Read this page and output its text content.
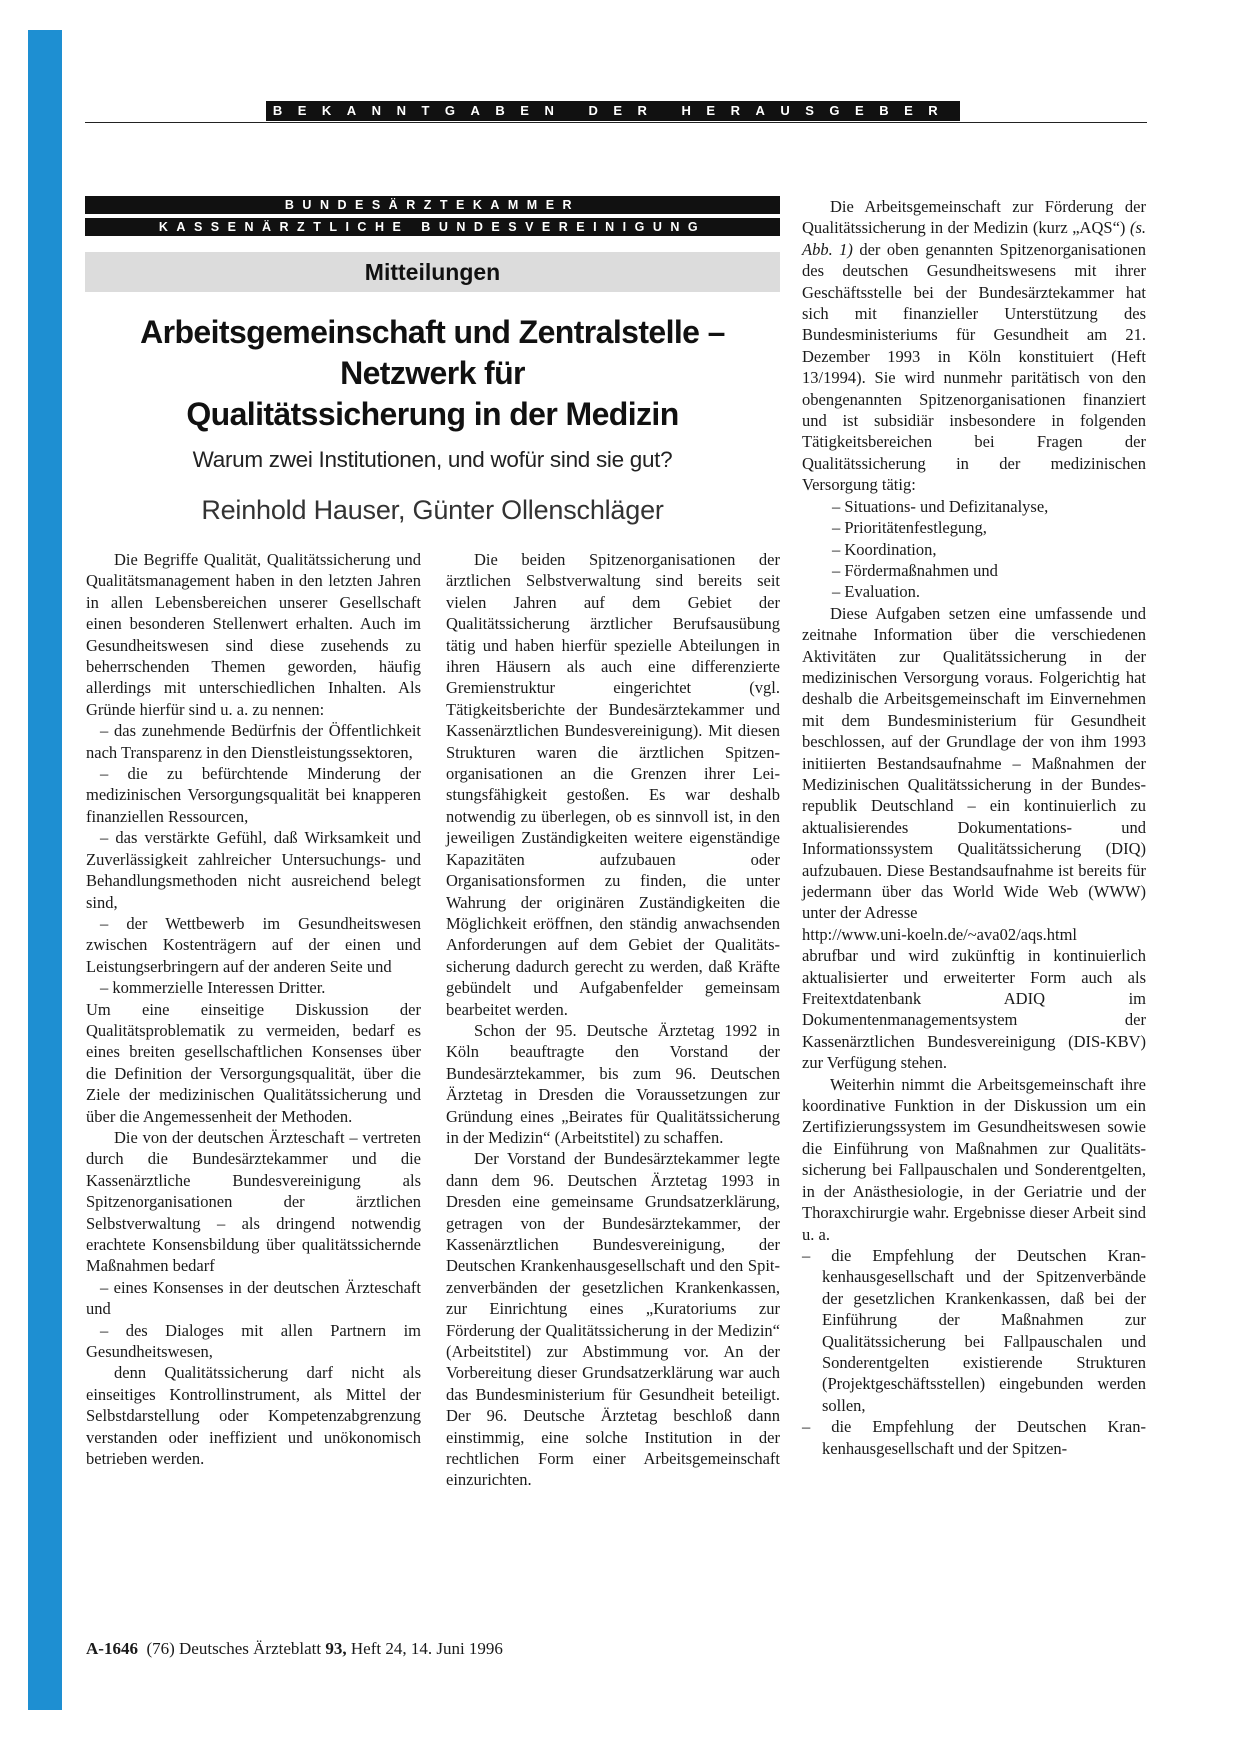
BEKANNTGABEN DER HERAUSGEBER
BUNDESÄRZTEKAMMER
KASSENÄRZTLICHE BUNDESVEREINIGUNG
Mitteilungen
Arbeitsgemeinschaft und Zentralstelle –
Netzwerk für
Qualitätssicherung in der Medizin
Warum zwei Institutionen, und wofür sind sie gut?
Reinhold Hauser, Günter Ollenschläger

Die Begriffe Qualität, Qualitätssicherung und Qualitätsmanagement haben in den letzten Jahren in allen Lebensbereichen unserer Gesellschaft einen besonderen Stellenwert erhalten. Auch im Gesundheitswesen sind diese zusehends zu beherrschenden Themen geworden, häufig allerdings mit unterschiedlichen Inhalten. Als Gründe hierfür sind u. a. zu nennen:

– das zunehmende Bedürfnis der Öffentlichkeit nach Transparenz in den Dienstleistungssektoren,
– die zu befürchtende Minderung der medizinischen Versorgungsqualität bei knapperen finanziellen Ressourcen,
– das verstärkte Gefühl, daß Wirksamkeit und Zuverlässigkeit zahlreicher Untersuchungs- und Behandlungsmethoden nicht ausreichend belegt sind,
– der Wettbewerb im Gesundheitswesen zwischen Kostenträgern auf der einen und Leistungserbringern auf der anderen Seite und
– kommerzielle Interessen Dritter.

Um eine einseitige Diskussion der Qualitätsproblematik zu vermeiden, bedarf es eines breiten gesellschaftlichen Konsenses über die Definition der Versorgungsqualität, über die Ziele der medizinischen Qualitätssicherung und über die Angemessenheit der Methoden.

Die von der deutschen Ärzteschaft – vertreten durch die Bundesärztekammer und die Kassenärztliche Bundesvereinigung als Spitzenorganisationen der ärztlichen Selbstverwaltung – als dringend notwendig erachtete Konsensbildung über qualitätssichernde Maßnahmen bedarf

– eines Konsenses in der deutschen Ärzteschaft und
– des Dialoges mit allen Partnern im Gesundheitswesen,

denn Qualitätssicherung darf nicht als einseitiges Kontrollinstrument, als Mittel der Selbstdarstellung oder Kompetenzabgrenzung verstanden oder ineffizient und unökonomisch betrieben werden.

Die beiden Spitzenorganisationen der ärztlichen Selbstverwaltung sind bereits seit vielen Jahren auf dem Gebiet der Qualitätssicherung ärztlicher Berufsausübung tätig und haben hierfür spezielle Abteilungen in ihren Häusern als auch eine differenzierte Gremienstruktur eingerichtet (vgl. Tätigkeitsberichte der Bundesärztekammer und Kassenärztlichen Bundesvereinigung). Mit diesen Strukturen waren die ärztlichen Spitzenorganisationen an die Grenzen ihrer Leistungsfähigkeit gestoßen. Es war deshalb notwendig zu überlegen, ob es sinnvoll ist, in den jeweiligen Zuständigkeiten weitere eigenständige Kapazitäten aufzubauen oder Organisationsformen zu finden, die unter Wahrung der originären Zuständigkeiten die Möglichkeit eröffnen, den ständig anwachsenden Anforderungen auf dem Gebiet der Qualitätssicherung dadurch gerecht zu werden, daß Kräfte gebündelt und Aufgabenfelder gemeinsam bearbeitet werden.

Schon der 95. Deutsche Ärztetag 1992 in Köln beauftragte den Vorstand der Bundesärztekammer, bis zum 96. Deutschen Ärztetag in Dresden die Voraussetzungen zur Gründung eines „Beirates für Qualitätssicherung in der Medizin“ (Arbeitstitel) zu schaffen.

Der Vorstand der Bundesärztekammer legte dann dem 96. Deutschen Ärztetag 1993 in Dresden eine gemeinsame Grundsatzerklärung, getragen von der Bundesärztekammer, der Kassenärztlichen Bundesvereinigung, der Deutschen Krankenhausgesellschaft und den Spitzenverbänden der gesetzlichen Krankenkassen, zur Einrichtung eines „Kuratoriums zur Förderung der Qualitätssicherung in der Medizin“ (Arbeitstitel) zur Abstimmung vor. An der Vorbereitung dieser Grundsatzerklärung war auch das Bundesministerium für Gesundheit beteiligt. Der 96. Deutsche Ärztetag beschloß dann einstimmig, eine solche Institution in der rechtlichen Form einer Arbeitsgemeinschaft einzurichten.

Die Arbeitsgemeinschaft zur Förderung der Qualitätssicherung in der Medizin (kurz „AQS“) (s. Abb. 1) der oben genannten Spitzenorganisationen des deutschen Gesundheitswesens mit ihrer Geschäftsstelle bei der Bundesärztekammer hat sich mit finanzieller Unterstützung des Bundesministeriums für Gesundheit am 21. Dezember 1993 in Köln konstituiert (Heft 13/1994). Sie wird nunmehr paritätisch von den obengenannten Spitzenorganisationen finanziert und ist subsidiär insbesondere in folgenden Tätigkeitsbereichen bei Fragen der Qualitätssicherung in der medizinischen Versorgung tätig:

– Situations- und Defizitanalyse,
– Prioritätenfestlegung,
– Koordination,
– Fördermaßnahmen und
– Evaluation.

Diese Aufgaben setzen eine umfassende und zeitnahe Information über die verschiedenen Aktivitäten zur Qualitätssicherung in der medizinischen Versorgung voraus. Folgerichtig hat deshalb die Arbeitsgemeinschaft im Einvernehmen mit dem Bundesministerium für Gesundheit beschlossen, auf der Grundlage der von ihm 1993 initiierten Bestandsaufnahme – Maßnahmen der Medizinischen Qualitätssicherung in der Bundesrepublik Deutschland – ein kontinuierlich zu aktualisierendes Dokumentations- und Informationssystem Qualitätssicherung (DIQ) aufzubauen. Diese Bestandsaufnahme ist bereits für jedermann über das World Wide Web (WWW) unter der Adresse

http://www.uni-koeln.de/~ava02/aqs.html

abrufbar und wird zukünftig in kontinuierlich aktualisierter und erweiterter Form auch als Freitextdatenbank ADIQ im Dokumentenmanagementsystem der Kassenärztlichen Bundesvereinigung (DIS-KBV) zur Verfügung stehen.

Weiterhin nimmt die Arbeitsgemeinschaft ihre koordinative Funktion in der Diskussion um ein Zertifizierungssystem im Gesundheitswesen sowie die Einführung von Maßnahmen zur Qualitätssicherung bei Fallpauschalen und Sonderentgelten, in der Anästhesiologie, in der Geriatrie und der Thoraxchirurgie wahr. Ergebnisse dieser Arbeit sind u. a.

– die Empfehlung der Deutschen Krankenhausgesellschaft und der Spitzenverbände der gesetzlichen Krankenkassen, daß bei der Einführung der Maßnahmen zur Qualitätssicherung bei Fallpauschalen und Sonderentgelten existierende Strukturen (Projektgeschäftsstellen) eingebunden werden sollen,
– die Empfehlung der Deutschen Krankenhausgesellschaft und der Spitzen-
A-1646 (76) Deutsches Ärzteblatt 93, Heft 24, 14. Juni 1996
